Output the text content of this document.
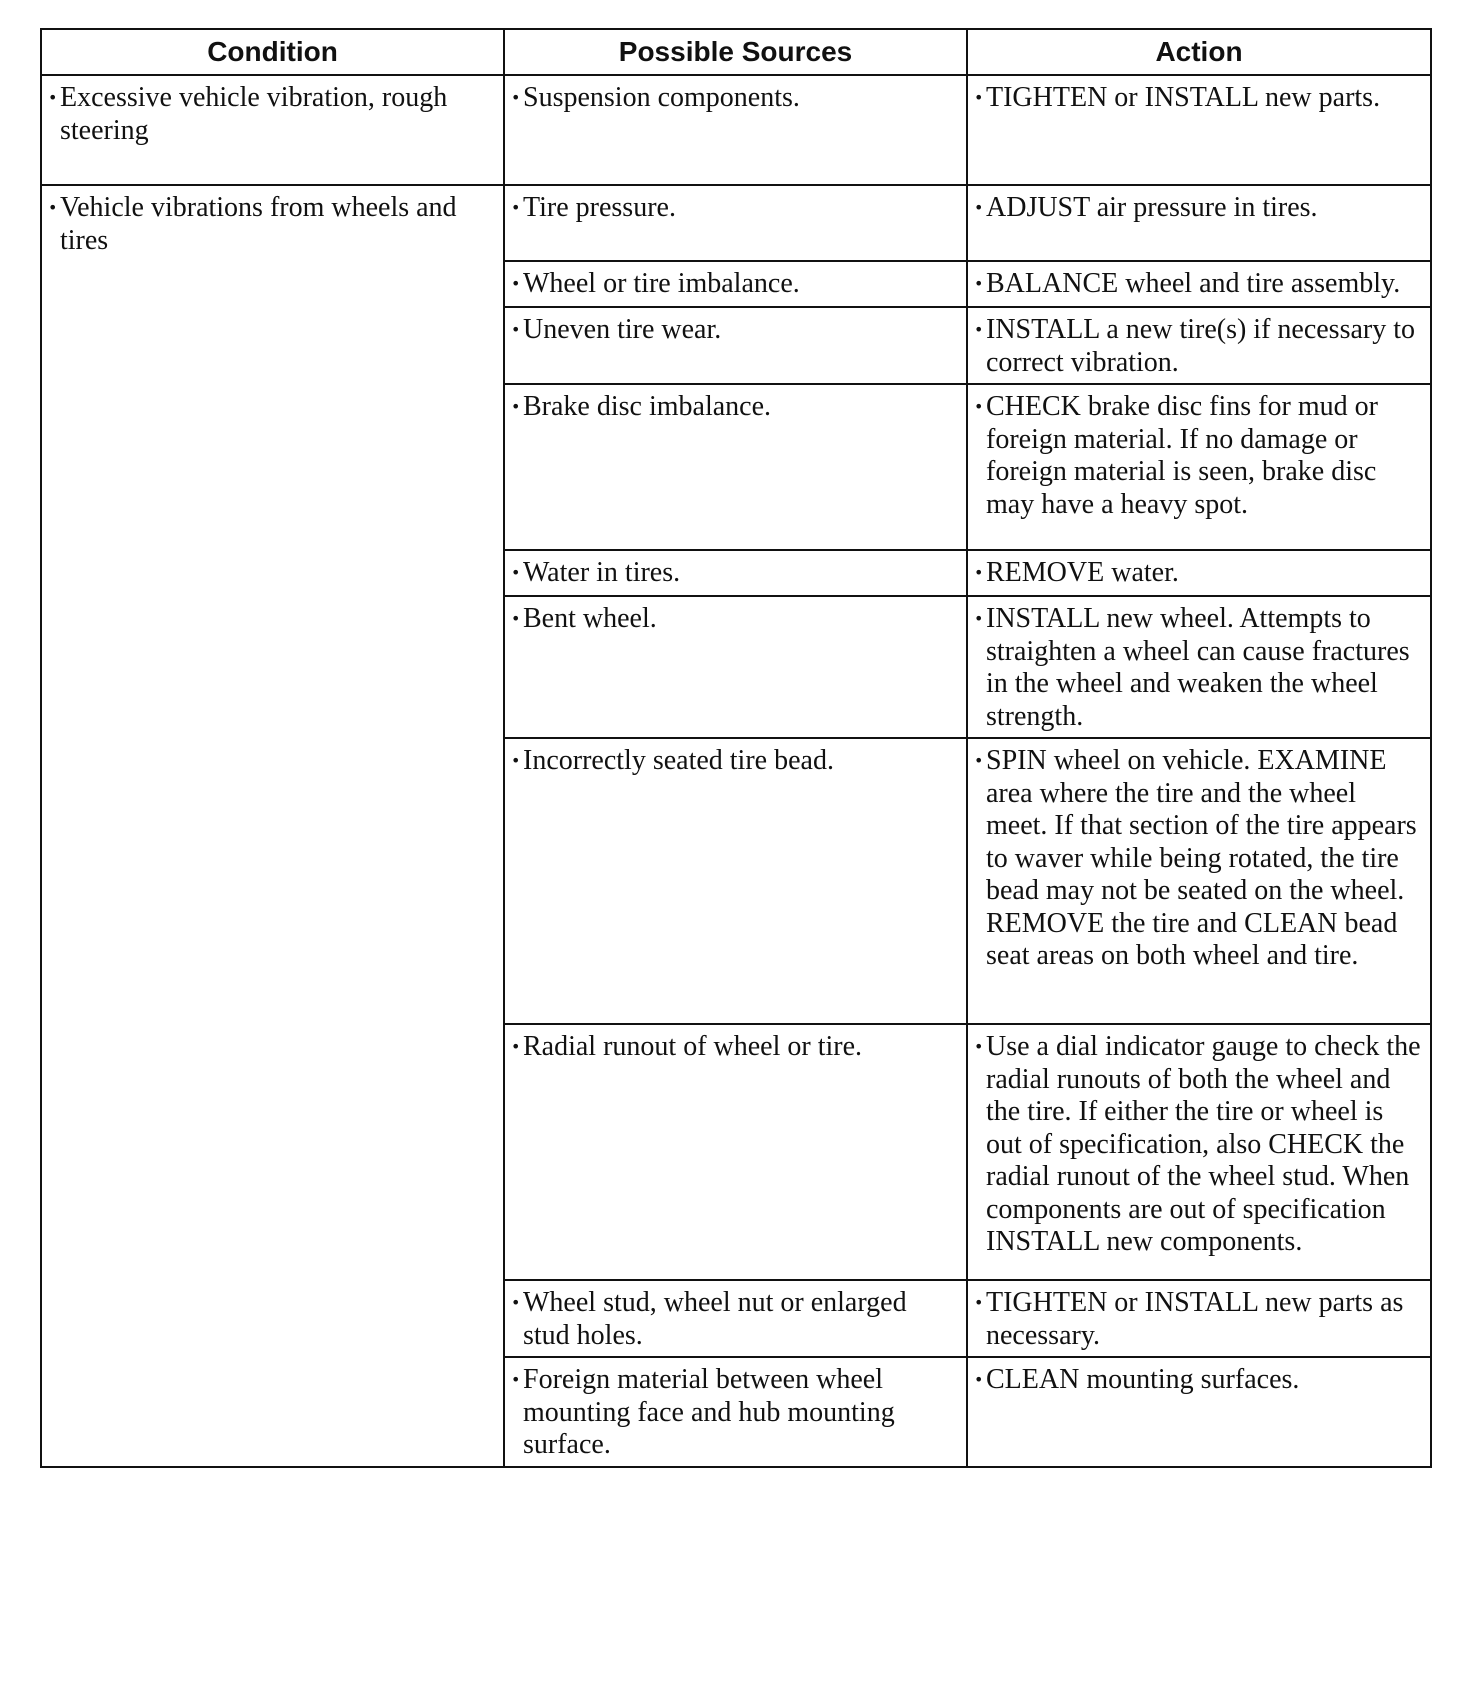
Condition	Possible Sources	Action

• Excessive vehicle vibration, rough steering	• Suspension components.	• TIGHTEN or INSTALL new parts.

• Vehicle vibrations from wheels and tires	• Tire pressure.	• ADJUST air pressure in tires.

	• Wheel or tire imbalance.	• BALANCE wheel and tire assembly.

	• Uneven tire wear.	• INSTALL a new tire(s) if necessary to correct vibration.

	• Brake disc imbalance.	• CHECK brake disc fins for mud or foreign material. If no damage or foreign material is seen, brake disc may have a heavy spot.

	• Water in tires.	• REMOVE water.

	• Bent wheel.	• INSTALL new wheel. Attempts to straighten a wheel can cause fractures in the wheel and weaken the wheel strength.

	• Incorrectly seated tire bead.	• SPIN wheel on vehicle. EXAMINE area where the tire and the wheel meet. If that section of the tire appears to waver while being rotated, the tire bead may not be seated on the wheel. REMOVE the tire and CLEAN bead seat areas on both wheel and tire.

	• Radial runout of wheel or tire.	• Use a dial indicator gauge to check the radial runouts of both the wheel and the tire. If either the tire or wheel is out of specification, also CHECK the radial runout of the wheel stud. When components are out of specification INSTALL new components.

	• Wheel stud, wheel nut or enlarged stud holes.	• TIGHTEN or INSTALL new parts as necessary.

	• Foreign material between wheel mounting face and hub mounting surface.	• CLEAN mounting surfaces.
